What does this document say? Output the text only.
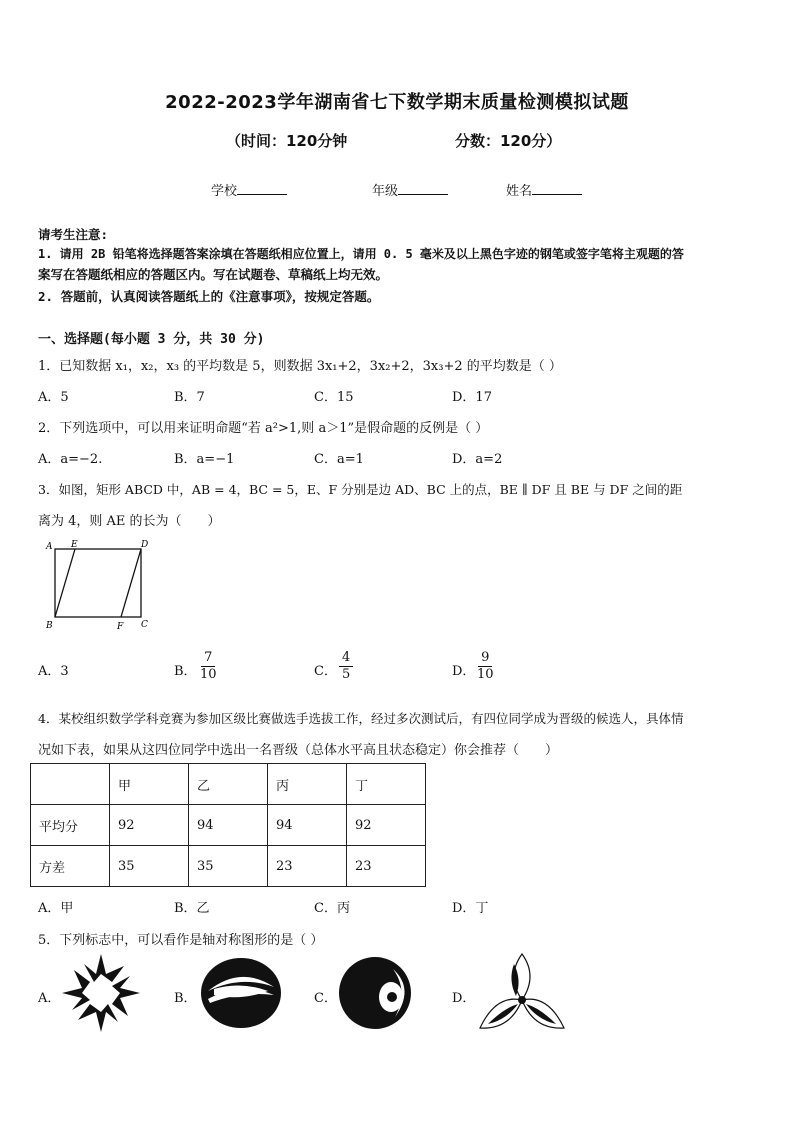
2022-2023学年湖南省七下数学期末质量检测模拟试题
（时间：120分钟	分数：120分）
学校	年级	姓名
请考生注意:
1. 请用 2B 铅笔将选择题答案涂填在答题纸相应位置上，请用 0. 5 毫米及以上黑色字迹的钢笔或签字笔将主观题的答
案写在答题纸相应的答题区内。写在试题卷、草稿纸上均无效。
2. 答题前，认真阅读答题纸上的《注意事项》，按规定答题。
一、选择题(每小题 3 分，共 30 分)
1．已知数据 x₁，x₂，x₃ 的平均数是 5，则数据 3x₁+2，3x₂+2，3x₃+2 的平均数是（ ）
A．5	B．7	C．15	D．17
2．下列选项中，可以用来证明命题“若 a²>1,则 a＞1”是假命题的反例是（ ）
A．a=−2.	B．a=−1	C．a=1	D．a=2
3．如图，矩形 ABCD 中，AB = 4，BC = 5，E、F 分别是边 AD、BC 上的点，BE ∥ DF 且 BE 与 DF 之间的距
离为 4，则 AE 的长为（　　）
A E	D
B	F C
A．3	B． $\frac{7}{10}$	C． $\frac{4}{5}$	D． $\frac{9}{10}$
4．某校组织数学学科竞赛为参加区级比赛做选手选拔工作，经过多次测试后，有四位同学成为晋级的候选人，具体情
况如下表，如果从这四位同学中选出一名晋级（总体水平高且状态稳定）你会推荐（　　）
	甲	乙	丙	丁
平均分	92	94	94	92
方差	35	35	23	23
A．甲	B．乙	C．丙	D．丁
5．下列标志中，可以看作是轴对称图形的是（ ）
A．	B．	C．	D．
